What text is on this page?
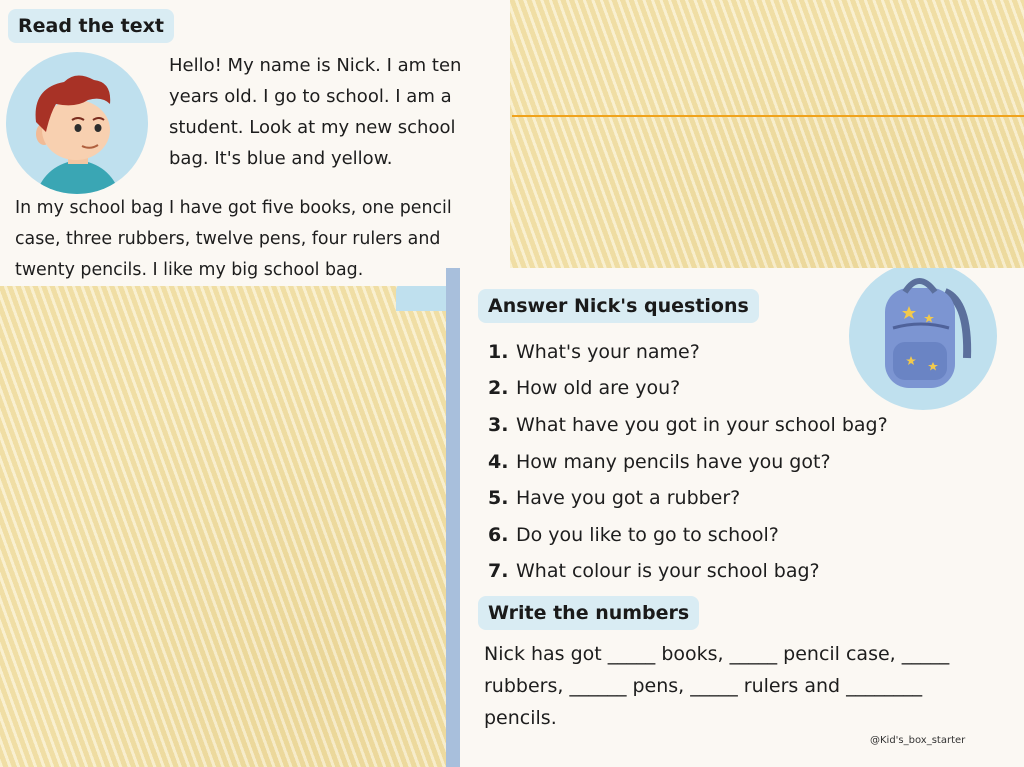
Read the text
Hello! My name is Nick. I am ten
years old. I go to school. I am a
student. Look at my new school
bag. It's blue and yellow.
In my school bag I have got five books, one pencil
case, three rubbers, twelve pens, four rulers and
twenty pencils. I like my big school bag.
Answer Nick's questions
1. What's your name?
2. How old are you?
3. What have you got in your school bag?
4. How many pencils have you got?
5. Have you got a rubber?
6. Do you like to go to school?
7. What colour is your school bag?
Write the numbers
Nick has got _____ books, _____ pencil case, _____
rubbers, ______ pens, _____ rulers and ________
pencils.
@Kid's_box_starter
